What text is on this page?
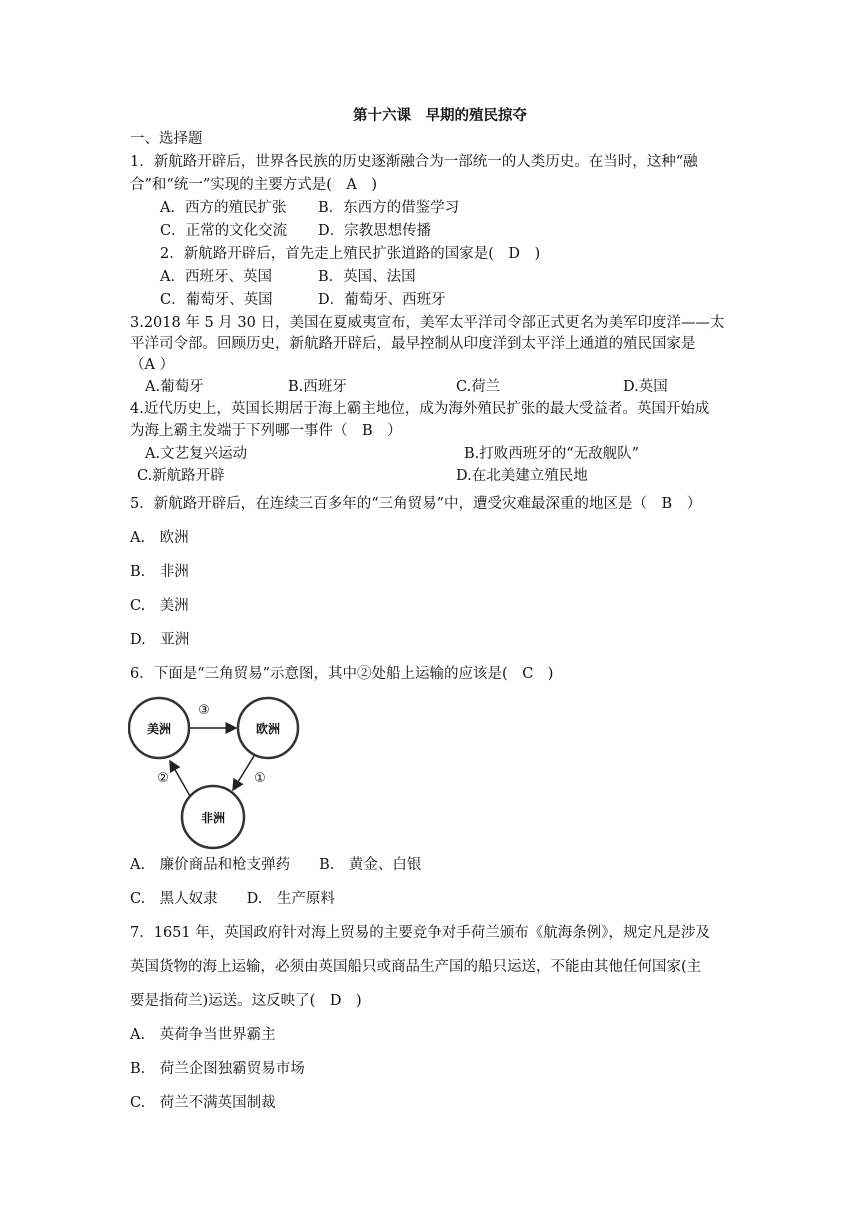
第十六课　早期的殖民掠夺
一、选择题
1．新航路开辟后，世界各民族的历史逐渐融合为一部统一的人类历史。在当时，这种“融
合”和“统一”实现的主要方式是(　A　)
A．西方的殖民扩张 B．东西方的借鉴学习
C．正常的文化交流 D．宗教思想传播
2．新航路开辟后，首先走上殖民扩张道路的国家是(　D　)
A．西班牙、英国	B．英国、法国
C．葡萄牙、英国	D．葡萄牙、西班牙
3.2018 年 5 月 30 日，美国在夏威夷宣布，美军太平洋司令部正式更名为美军印度洋——太
平洋司令部。回顾历史，新航路开辟后，最早控制从印度洋到太平洋上通道的殖民国家是
（A ）
A.葡萄牙	B.西班牙	C.荷兰	D.英国
4.近代历史上，英国长期居于海上霸主地位，成为海外殖民扩张的最大受益者。英国开始成
为海上霸主发端于下列哪一事件（　B　）
A.文艺复兴运动	B.打败西班牙的“无敌舰队”
C.新航路开辟	D.在北美建立殖民地
5．新航路开辟后，在连续三百多年的“三角贸易”中，遭受灾难最深重的地区是（　B　）
A.　欧洲
B.　非洲
C.　美洲
D.　亚洲
6．下面是“三角贸易”示意图，其中②处船上运输的应该是(　C　)
美洲	欧洲
非洲
③
①
②
A.　廉价商品和枪支弹药　　B.　黄金、白银
C.　黑人奴隶　　D.　生产原料
7．1651 年，英国政府针对海上贸易的主要竞争对手荷兰颁布《航海条例》，规定凡是涉及
英国货物的海上运输，必须由英国船只或商品生产国的船只运送，不能由其他任何国家(主
要是指荷兰)运送。这反映了(　D　)
A.　英荷争当世界霸主
B.　荷兰企图独霸贸易市场
C.　荷兰不满英国制裁
